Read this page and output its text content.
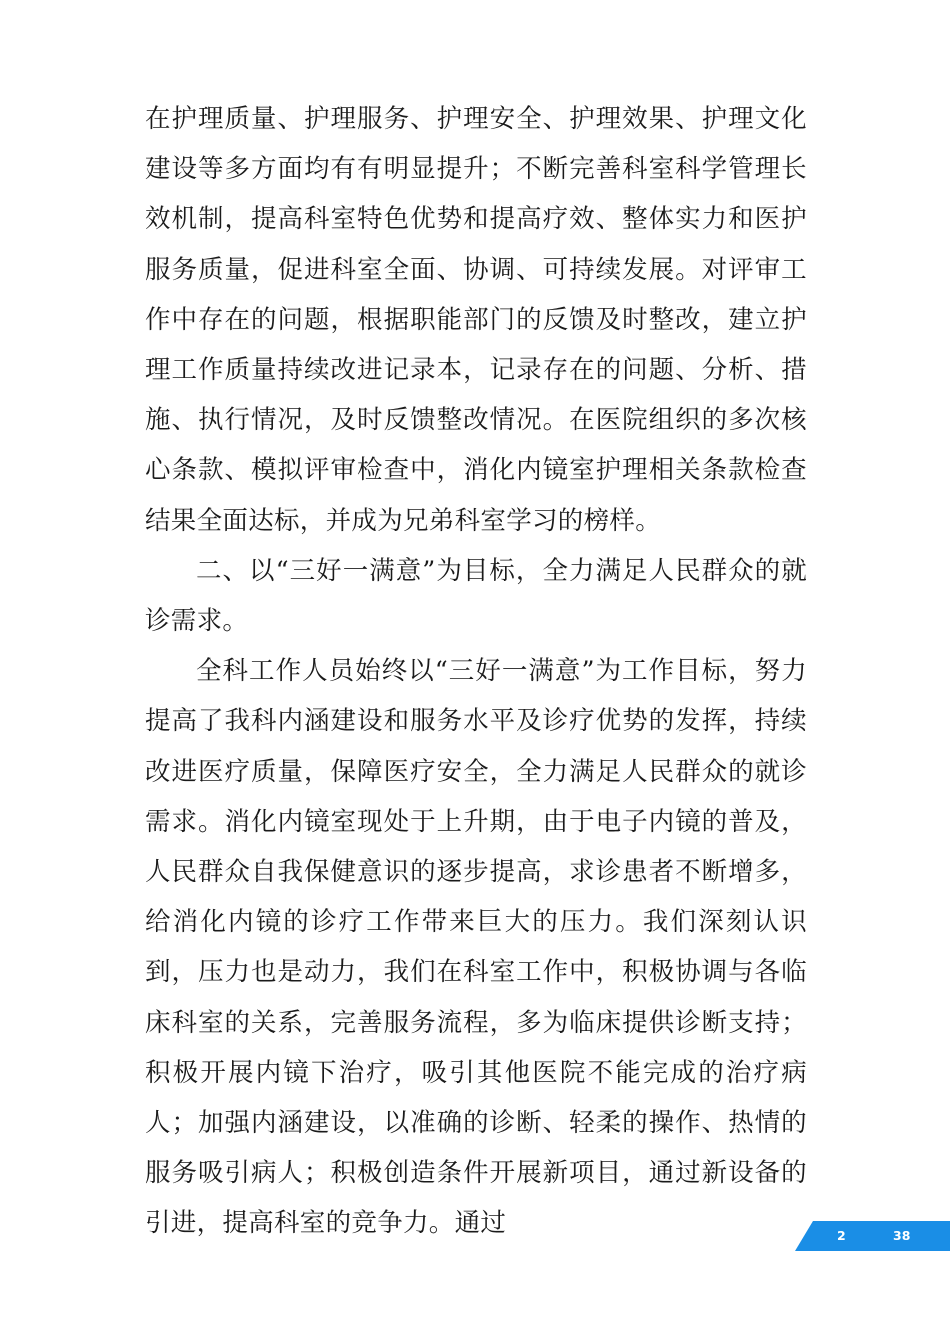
在护理质量、护理服务、护理安全、护理效果、护理文化建设等多方面均有有明显提升；不断完善科室科学管理长效机制，提高科室特色优势和提高疗效、整体实力和医护服务质量，促进科室全面、协调、可持续发展。对评审工作中存在的问题，根据职能部门的反馈及时整改，建立护理工作质量持续改进记录本，记录存在的问题、分析、措施、执行情况，及时反馈整改情况。在医院组织的多次核心条款、模拟评审检查中，消化内镜室护理相关条款检查结果全面达标，并成为兄弟科室学习的榜样。

二、以“三好一满意”为目标，全力满足人民群众的就诊需求。

全科工作人员始终以“三好一满意”为工作目标，努力提高了我科内涵建设和服务水平及诊疗优势的发挥，持续改进医疗质量，保障医疗安全，全力满足人民群众的就诊需求。消化内镜室现处于上升期，由于电子内镜的普及，人民群众自我保健意识的逐步提高，求诊患者不断增多，给消化内镜的诊疗工作带来巨大的压力。我们深刻认识到，压力也是动力，我们在科室工作中，积极协调与各临床科室的关系，完善服务流程，多为临床提供诊断支持；积极开展内镜下治疗，吸引其他医院不能完成的治疗病人；加强内涵建设，以准确的诊断、轻柔的操作、热情的服务吸引病人；积极创造条件开展新项目，通过新设备的引进，提高科室的竞争力。通过	2	38
